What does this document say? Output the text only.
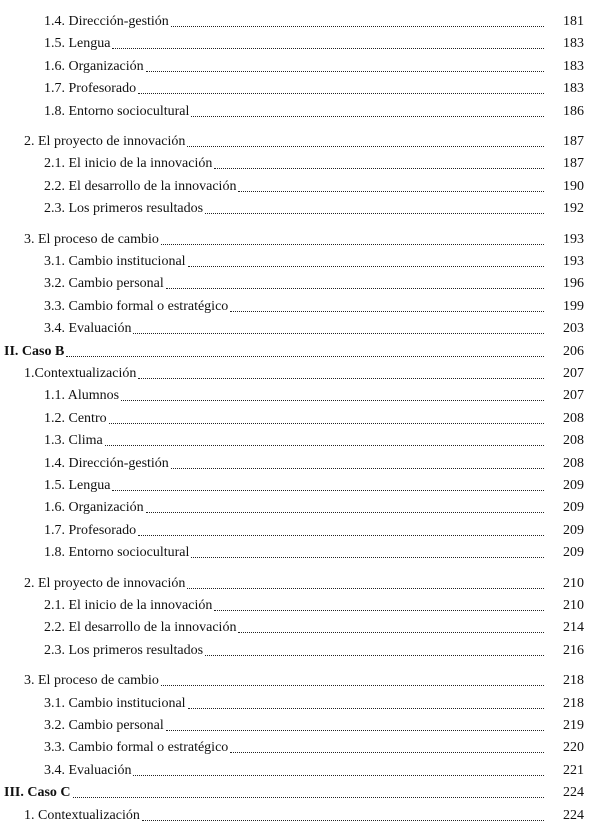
1.4. Dirección-gestión	181
1.5. Lengua	183
1.6. Organización	183
1.7. Profesorado	183
1.8. Entorno sociocultural	186
2. El proyecto de innovación	187
2.1. El inicio de la innovación	187
2.2. El desarrollo de la innovación	190
2.3. Los primeros resultados	192
3. El proceso de cambio	193
3.1. Cambio institucional	193
3.2. Cambio personal	196
3.3. Cambio formal o estratégico	199
3.4. Evaluación	203
II. Caso B	206
1.Contextualización	207
1.1. Alumnos	207
1.2. Centro	208
1.3. Clima	208
1.4. Dirección-gestión	208
1.5. Lengua	209
1.6. Organización	209
1.7. Profesorado	209
1.8. Entorno sociocultural	209
2. El proyecto de innovación	210
2.1. El inicio de la innovación	210
2.2. El desarrollo de la innovación	214
2.3. Los primeros resultados	216
3. El proceso de cambio	218
3.1. Cambio institucional	218
3.2. Cambio personal	219
3.3. Cambio formal o estratégico	220
3.4. Evaluación	221
III. Caso C	224
1. Contextualización	224
